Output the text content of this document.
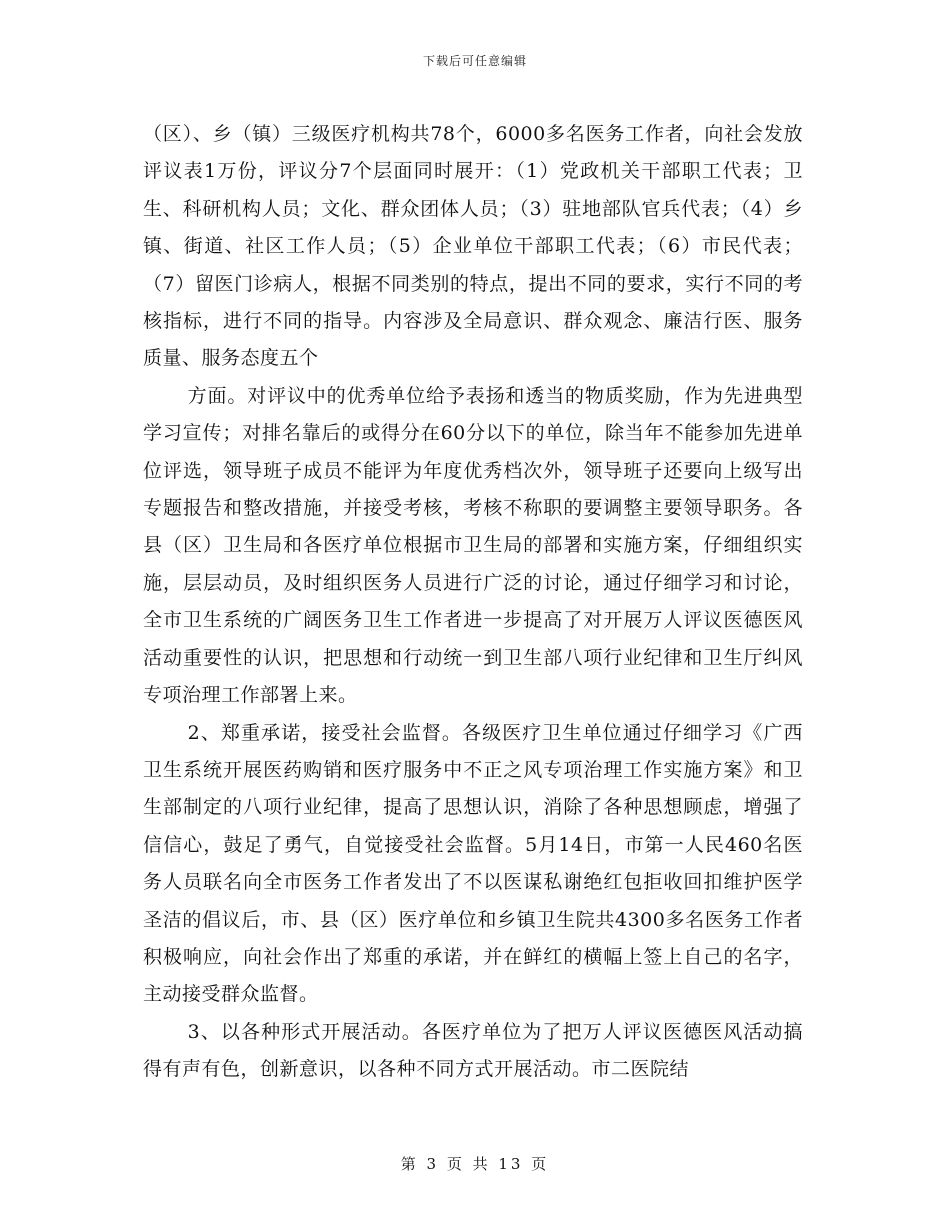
下载后可任意编辑

（区）、乡（镇）三级医疗机构共78个，6000多名医务工作者，向社会发放评议表1万份，评议分7个层面同时展开：（1）党政机关干部职工代表；卫生、科研机构人员；文化、群众团体人员；（3）驻地部队官兵代表；（4）乡镇、街道、社区工作人员；（5）企业单位干部职工代表；（6）市民代表；（7）留医门诊病人，根据不同类别的特点，提出不同的要求，实行不同的考核指标，进行不同的指导。内容涉及全局意识、群众观念、廉洁行医、服务质量、服务态度五个

方面。对评议中的优秀单位给予表扬和透当的物质奖励，作为先进典型学习宣传；对排名靠后的或得分在60分以下的单位，除当年不能参加先进单位评选，领导班子成员不能评为年度优秀档次外，领导班子还要向上级写出专题报告和整改措施，并接受考核，考核不称职的要调整主要领导职务。各县（区）卫生局和各医疗单位根据市卫生局的部署和实施方案，仔细组织实施，层层动员，及时组织医务人员进行广泛的讨论，通过仔细学习和讨论，全市卫生系统的广阔医务卫生工作者进一步提高了对开展万人评议医德医风活动重要性的认识，把思想和行动统一到卫生部八项行业纪律和卫生厅纠风专项治理工作部署上来。

2、郑重承诺，接受社会监督。各级医疗卫生单位通过仔细学习《广西卫生系统开展医药购销和医疗服务中不正之风专项治理工作实施方案》和卫生部制定的八项行业纪律，提高了思想认识，消除了各种思想顾虑，增强了信信心，鼓足了勇气，自觉接受社会监督。5月14日，市第一人民460名医务人员联名向全市医务工作者发出了不以医谋私谢绝红包拒收回扣维护医学圣洁的倡议后，市、县（区）医疗单位和乡镇卫生院共4300多名医务工作者积极响应，向社会作出了郑重的承诺，并在鲜红的横幅上签上自己的名字，主动接受群众监督。

3、以各种形式开展活动。各医疗单位为了把万人评议医德医风活动搞得有声有色，创新意识，以各种不同方式开展活动。市二医院结

第 3 页 共 13 页
